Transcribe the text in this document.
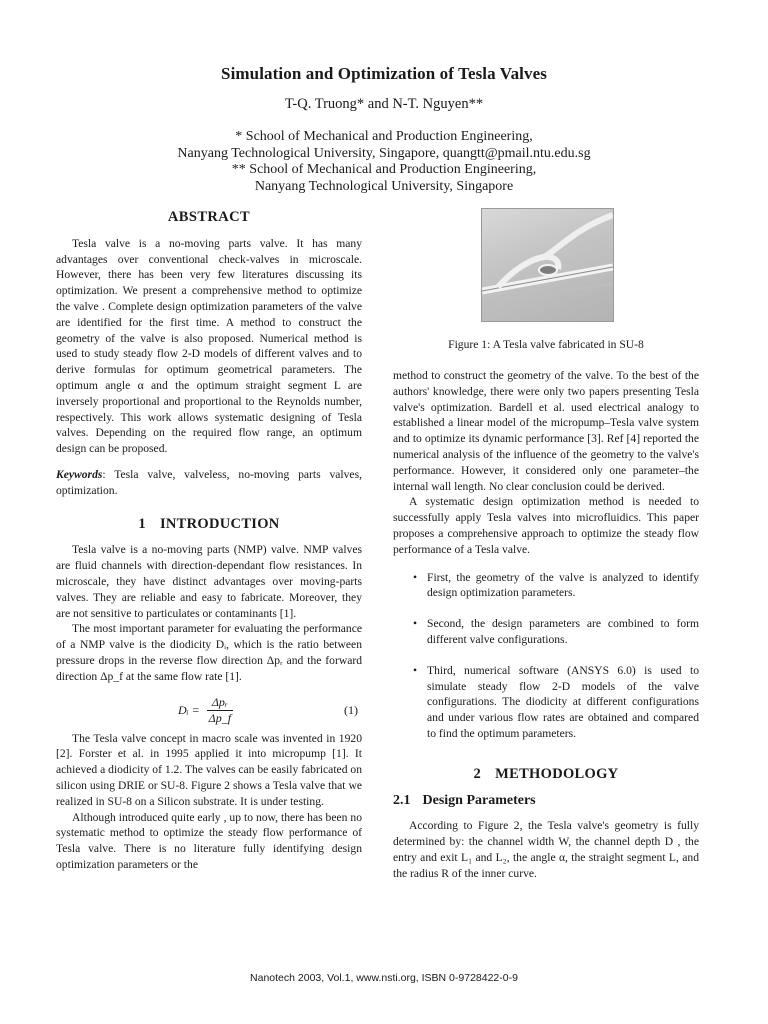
Simulation and Optimization of Tesla Valves
T-Q. Truong* and N-T. Nguyen**
* School of Mechanical and Production Engineering,
Nanyang Technological University, Singapore, quangtt@pmail.ntu.edu.sg
** School of Mechanical and Production Engineering,
Nanyang Technological University, Singapore
ABSTRACT

Tesla valve is a no-moving parts valve. It has many advantages over conventional check-valves in microscale. However, there has been very few literatures discussing its optimization. We present a comprehensive method to optimize the valve . Complete design optimization parameters of the valve are identified for the first time. A method to construct the geometry of the valve is also proposed. Numerical method is used to study steady flow 2-D models of different valves and to derive formulas for optimum geometrical parameters. The optimum angle α and the optimum straight segment L are inversely proportional and proportional to the Reynolds number, respectively. This work allows systematic designing of Tesla valves. Depending on the required flow range, an optimum design can be proposed.

Keywords: Tesla valve, valveless, no-moving parts valves, optimization.

1 INTRODUCTION

Tesla valve is a no-moving parts (NMP) valve. NMP valves are fluid channels with direction-dependant flow resistances. In microscale, they have distinct advantages over moving-parts valves. They are reliable and easy to fabricate. Moreover, they are not sensitive to particulates or contaminants [1].

The most important parameter for evaluating the performance of a NMP valve is the diodicity Dᵢ, which is the ratio between pressure drops in the reverse flow direction Δpᵣ and the forward direction Δp_f at the same flow rate [1].

Dᵢ = $\frac{\text{Δpᵣ}}{\Delta p\_f}$	(1)

The Tesla valve concept in macro scale was invented in 1920 [2]. Forster et al. in 1995 applied it into micropump [1]. It achieved a diodicity of 1.2. The valves can be easily fabricated on silicon using DRIE or SU-8. Figure 2 shows a Tesla valve that we realized in SU-8 on a Silicon substrate. It is under testing.

Although introduced quite early , up to now, there has been no systematic method to optimize the steady flow performance of Tesla valve. There is no literature fully identifying design optimization parameters or the

Figure 1: A Tesla valve fabricated in SU-8

method to construct the geometry of the valve. To the best of the authors' knowledge, there were only two papers presenting Tesla valve's optimization. Bardell et al. used electrical analogy to established a linear model of the micropump–Tesla valve system and to optimize its dynamic performance [3]. Ref [4] reported the numerical analysis of the influence of the geometry to the valve's performance. However, it considered only one parameter–the internal wall length. No clear conclusion could be derived.

A systematic design optimization method is needed to successfully apply Tesla valves into microfluidics. This paper proposes a comprehensive approach to optimize the steady flow performance of a Tesla valve.

• First, the geometry of the valve is analyzed to identify design optimization parameters.
• Second, the design parameters are combined to form different valve configurations.
• Third, numerical software (ANSYS 6.0) is used to simulate steady flow 2-D models of the valve configurations. The diodicity at different configurations and under various flow rates are obtained and compared to find the optimum parameters.
2 METHODOLOGY
2.1 Design Parameters

According to Figure 2, the Tesla valve's geometry is fully determined by: the channel width W, the channel depth D , the entry and exit L₁ and L₂, the angle α, the straight segment L, and the radius R of the inner curve.

Nanotech 2003, Vol.1, www.nsti.org, ISBN 0-9728422-0-9
